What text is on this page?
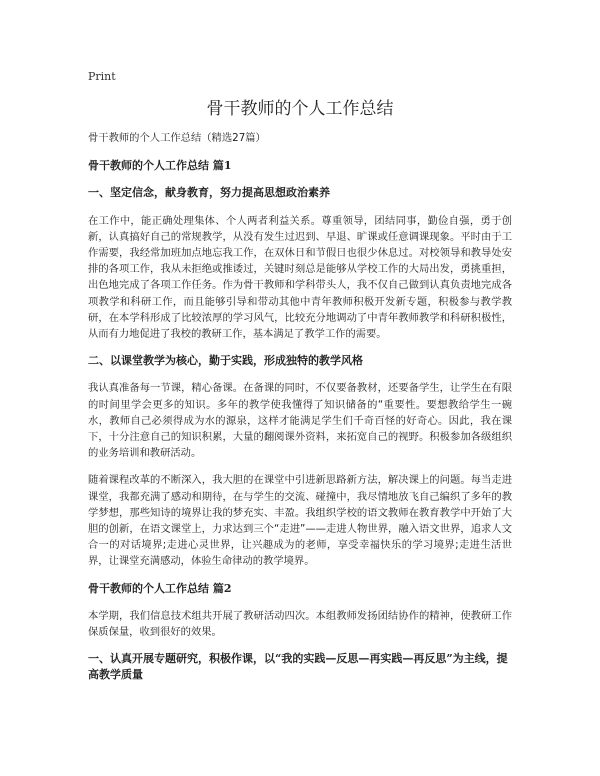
Print
骨干教师的个人工作总结

骨干教师的个人工作总结（精选27篇）

骨干教师的个人工作总结 篇1

一、坚定信念，献身教育，努力提高思想政治素养

在工作中，能正确处理集体、个人两者利益关系。尊重领导，团结同事，勤俭自强，勇于创新，认真搞好自己的常规教学，从没有发生过迟到、早退、旷课或任意调课现象。平时由于工作需要，我经常加班加点地忘我工作，在双休日和节假日也很少休息过。对校领导和教导处安排的各项工作，我从未拒绝或推诿过，关键时刻总是能够从学校工作的大局出发，勇挑重担，出色地完成了各项工作任务。作为骨干教师和学科带头人，我不仅自己做到认真负责地完成各项教学和科研工作，而且能够引导和带动其他中青年教师积极开发新专题，积极参与教学教研，在本学科形成了比较浓厚的学习风气，比较充分地调动了中青年教师教学和科研积极性，从而有力地促进了我校的教研工作，基本满足了教学工作的需要。

二、以课堂教学为核心，勤于实践，形成独特的教学风格

我认真准备每一节课，精心备课。在备课的同时，不仅要备教材，还要备学生，让学生在有限的时间里学会更多的知识。多年的教学使我懂得了知识储备的“重要性。要想教给学生一碗水，教师自己必须得成为水的源泉，这样才能满足学生们千奇百怪的好奇心。因此，我在课下，十分注意自己的知识积累，大量的翻阅课外资料，来拓宽自己的视野。积极参加各级组织的业务培训和教研活动。

随着课程改革的不断深入，我大胆的在课堂中引进新思路新方法，解决课上的问题。每当走进课堂，我都充满了感动和期待，在与学生的交流、碰撞中，我尽情地放飞自己编织了多年的教学梦想，那些知诗的境界让我的梦充实、丰盈。我组织学校的语文教师在教育教学中开始了大胆的创新，在语文课堂上，力求达到三个“走进”——走进人物世界，融入语文世界，追求人文合一的对话境界;走进心灵世界，让兴趣成为的老师，享受幸福快乐的学习境界;走进生活世界，让课堂充满感动，体验生命律动的教学境界。

骨干教师的个人工作总结 篇2

本学期，我们信息技术组共开展了教研活动四次。本组教师发扬团结协作的精神，使教研工作保质保量，收到很好的效果。

一、认真开展专题研究，积极作课，以“我的实践—反思—再实践—再反思”为主线，提高教学质量
